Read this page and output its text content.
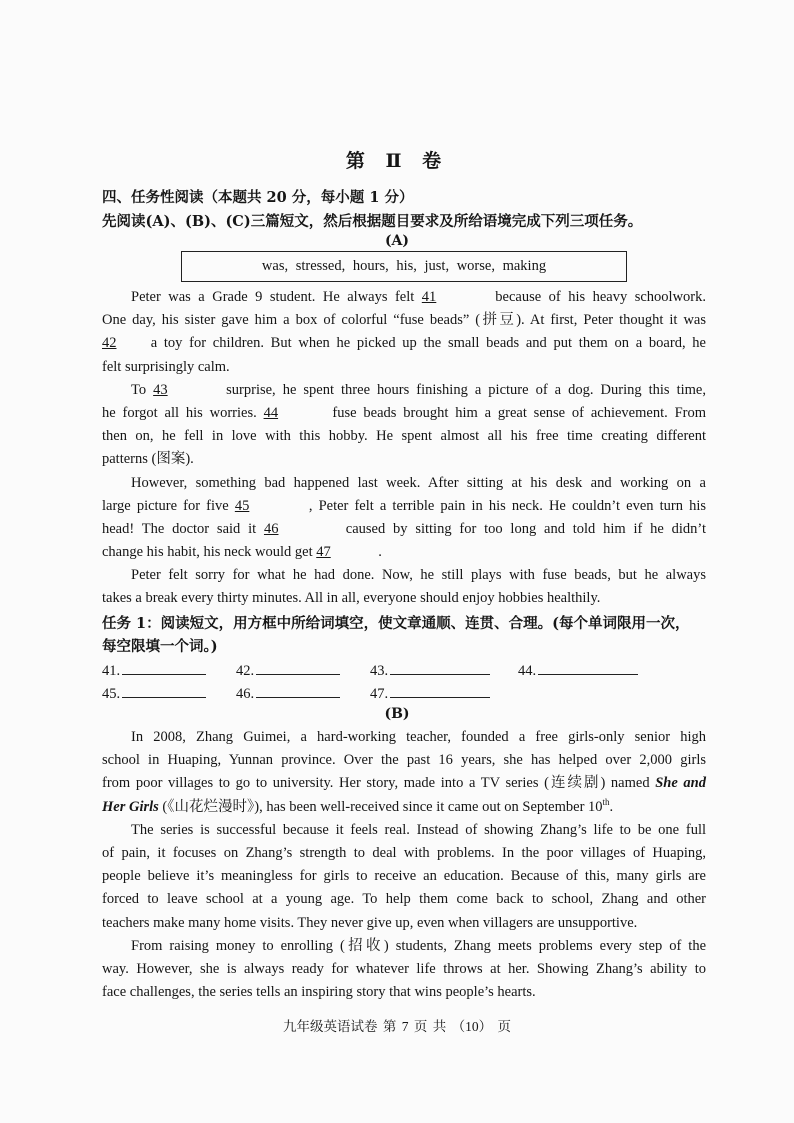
第 Ⅱ 卷
四、任务性阅读（本题共 20 分，每小题 1 分）
先阅读(A)、(B)、(C)三篇短文，然后根据题目要求及所给语境完成下列三项任务。
(A)
was, stressed, hours, his, just, worse, making
Peter was a Grade 9 student. He always felt 41	because of his heavy schoolwork.
One day, his sister gave him a box of colorful “fuse beads” (拼豆). At first, Peter thought it was
42 a toy for children. But when he picked up the small beads and put them on a board, he
felt surprisingly calm.
To 43	surprise, he spent three hours finishing a picture of a dog. During this time,
he forgot all his worries. 44	fuse beads brought him a great sense of achievement. From
then on, he fell in love with this hobby. He spent almost all his free time creating different
patterns (图案).
However, something bad happened last week. After sitting at his desk and working on a
large picture for five 45	, Peter felt a terrible pain in his neck. He couldn’t even turn his
head! The doctor said it 46	caused by sitting for too long and told him if he didn’t
change his habit, his neck would get 47	.
Peter felt sorry for what he had done. Now, he still plays with fuse beads, but he always
takes a break every thirty minutes. All in all, everyone should enjoy hobbies healthily.
任务 1：阅读短文，用方框中所给词填空，使文章通顺、连贯、合理。(每个单词限用一次，
每空限填一个词。)
41.	42.	43.	44.
45.	46.	47.
(B)
In 2008, Zhang Guimei, a hard-working teacher, founded a free girls-only senior high
school in Huaping, Yunnan province. Over the past 16 years, she has helped over 2,000 girls
from poor villages to go to university. Her story, made into a TV series (连续剧) named She and
Her Girls (《山花烂漫时》), has been well-received since it came out on September 10th.
The series is successful because it feels real. Instead of showing Zhang’s life to be one full
of pain, it focuses on Zhang’s strength to deal with problems. In the poor villages of Huaping,
people believe it’s meaningless for girls to receive an education. Because of this, many girls are
forced to leave school at a young age. To help them come back to school, Zhang and other
teachers make many home visits. They never give up, even when villagers are unsupportive.
From raising money to enrolling (招收) students, Zhang meets problems every step of the
way. However, she is always ready for whatever life throws at her. Showing Zhang’s ability to
face challenges, the series tells an inspiring story that wins people’s hearts.
九年级英语试卷 第 7 页 共 （10） 页
